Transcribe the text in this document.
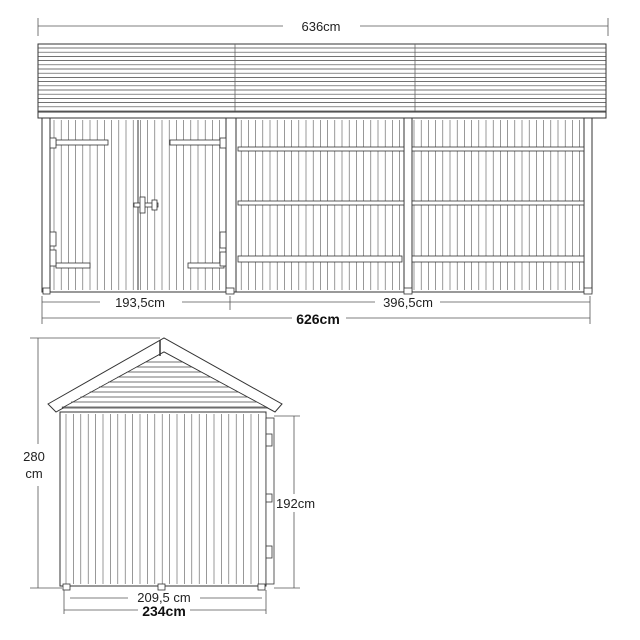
636cm
193,5cm	396,5cm
626cm
280
cm
192cm
209,5 cm
234cm
